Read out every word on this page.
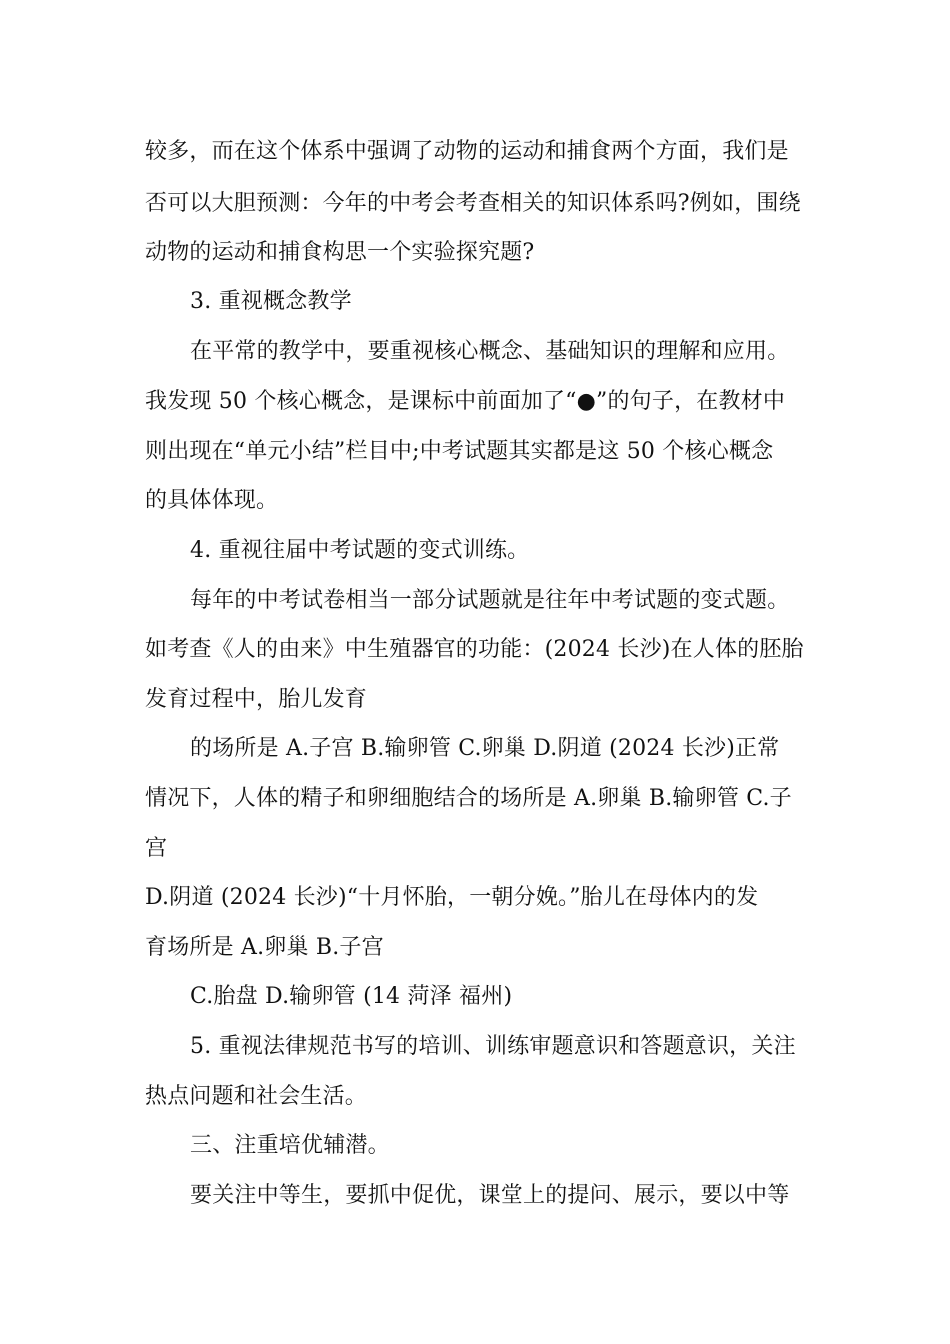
较多，而在这个体系中强调了动物的运动和捕食两个方面，我们是
否可以大胆预测：今年的中考会考查相关的知识体系吗?例如，围绕
动物的运动和捕食构思一个实验探究题?
3. 重视概念教学
在平常的教学中，要重视核心概念、基础知识的理解和应用。
我发现 50 个核心概念，是课标中前面加了“●”的句子，在教材中
则出现在“单元小结”栏目中;中考试题其实都是这 50 个核心概念
的具体体现。
4. 重视往届中考试题的变式训练。
每年的中考试卷相当一部分试题就是往年中考试题的变式题。
如考查《人的由来》中生殖器官的功能：(2024 长沙)在人体的胚胎
发育过程中，胎儿发育
的场所是 A.子宫 B.输卵管 C.卵巢 D.阴道 (2024 长沙)正常
情况下，人体的精子和卵细胞结合的场所是 A.卵巢 B.输卵管 C.子
宫
D.阴道 (2024 长沙)“十月怀胎，一朝分娩。”胎儿在母体内的发
育场所是 A.卵巢 B.子宫
C.胎盘 D.输卵管 (14 菏泽 福州)
5. 重视法律规范书写的培训、训练审题意识和答题意识，关注
热点问题和社会生活。
三、注重培优辅潜。
要关注中等生，要抓中促优，课堂上的提问、展示，要以中等
